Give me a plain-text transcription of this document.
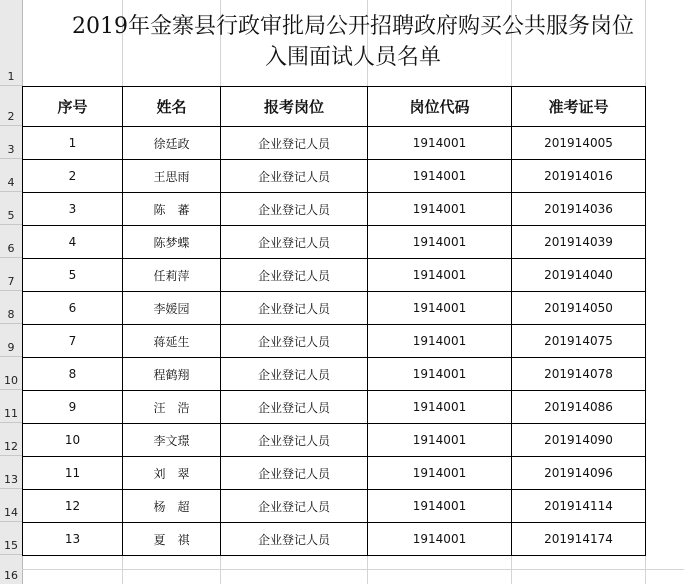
1
2
3
4
5
6
7
8
9
10
11
12
13
14
15
16
2019年金寨县行政审批局公开招聘政府购买公共服务岗位
入围面试人员名单
序号	姓名	报考岗位	岗位代码	准考证号
1	徐廷政	企业登记人员	1914001	201914005
2	王思雨	企业登记人员	1914001	201914016
3	陈　蕃	企业登记人员	1914001	201914036
4	陈梦蝶	企业登记人员	1914001	201914039
5	任莉萍	企业登记人员	1914001	201914040
6	李媛园	企业登记人员	1914001	201914050
7	蒋延生	企业登记人员	1914001	201914075
8	程鹤翔	企业登记人员	1914001	201914078
9	汪　浩	企业登记人员	1914001	201914086
10	李文璟	企业登记人员	1914001	201914090
11	刘　翠	企业登记人员	1914001	201914096
12	杨　超	企业登记人员	1914001	201914114
13	夏　祺	企业登记人员	1914001	201914174
